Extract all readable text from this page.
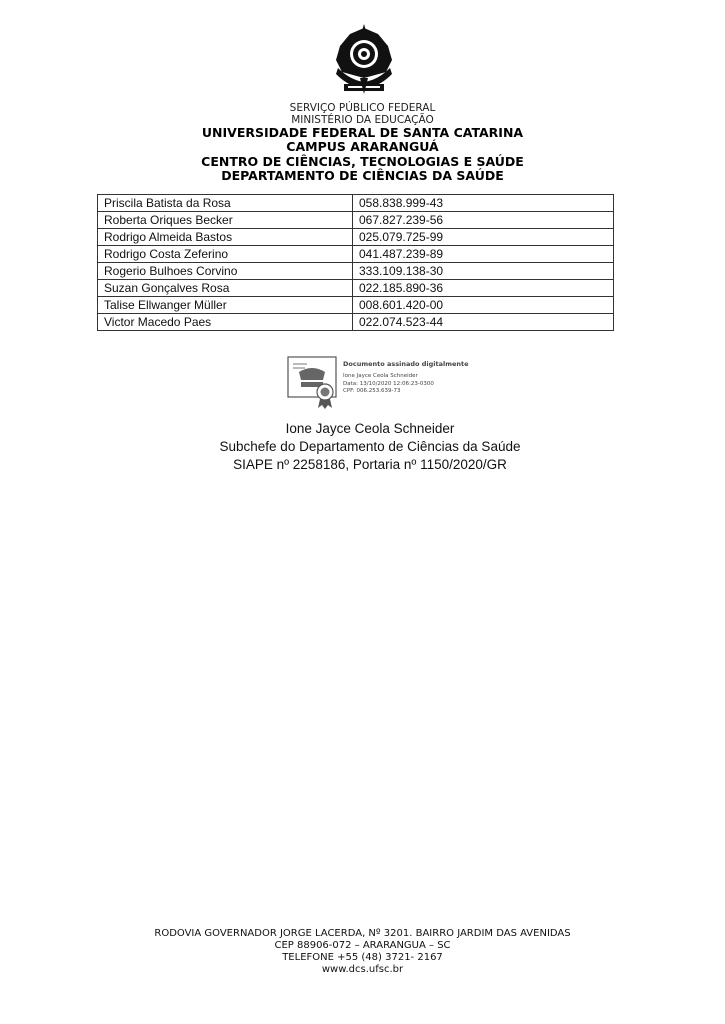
SERVIÇO PÚBLICO FEDERAL
MINISTÉRIO DA EDUCAÇÃO
UNIVERSIDADE FEDERAL DE SANTA CATARINA
CAMPUS ARARANGUÁ
CENTRO DE CIÊNCIAS, TECNOLOGIAS E SAÚDE
DEPARTAMENTO DE CIÊNCIAS DA SAÚDE
Priscila Batista da Rosa	058.838.999-43
Roberta Oriques Becker	067.827.239-56
Rodrigo Almeida Bastos	025.079.725-99
Rodrigo Costa Zeferino	041.487.239-89
Rogerio Bulhoes Corvino	333.109.138-30
Suzan Gonçalves Rosa	022.185.890-36
Talise Ellwanger Müller	008.601.420-00
Victor Macedo Paes	022.074.523-44
Documento assinado digitalmente
Ione Jayce Ceola Schneider
Data: 13/10/2020 12:06:23-0300
CPF: 006.253.639-73
Ione Jayce Ceola Schneider
Subchefe do Departamento de Ciências da Saúde
SIAPE nº 2258186, Portaria nº 1150/2020/GR
RODOVIA GOVERNADOR JORGE LACERDA, Nº 3201. BAIRRO JARDIM DAS AVENIDAS
CEP 88906-072 – ARARANGUA – SC
TELEFONE +55 (48) 3721- 2167
www.dcs.ufsc.br
